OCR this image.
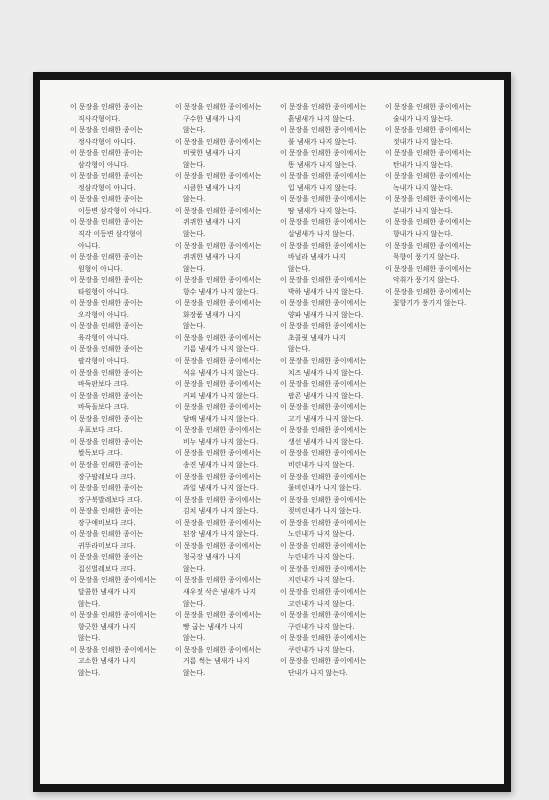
이 문장을 인쇄한 종이는
직사각형이다.
이 문장을 인쇄한 종이는
정사각형이 아니다.
이 문장을 인쇄한 종이는
삼각형이 아니다.
이 문장을 인쇄한 종이는
정삼각형이 아니다.
이 문장을 인쇄한 종이는
이등변 삼각형이 아니다.
이 문장을 인쇄한 종이는
직각 이등변 삼각형이
아니다.
이 문장을 인쇄한 종이는
원형이 아니다.
이 문장을 인쇄한 종이는
타원형이 아니다.
이 문장을 인쇄한 종이는
오각형이 아니다.
이 문장을 인쇄한 종이는
육각형이 아니다.
이 문장을 인쇄한 종이는
팔각형이 아니다.
이 문장을 인쇄한 종이는
바둑판보다 크다.
이 문장을 인쇄한 종이는
바둑돌보다 크다.
이 문장을 인쇄한 종이는
우표보다 크다.
이 문장을 인쇄한 종이는
쌀독보다 크다.
이 문장을 인쇄한 종이는
장구팔레보다 크다.
이 문장을 인쇄한 종이는
장구북발레보다 크다.
이 문장을 인쇄한 종이는
장구애비보다 크다.
이 문장을 인쇄한 종이는
귀뚜라미보다 크다.
이 문장을 인쇄한 종이는
집신벌레보다 크다.
이 문장을 인쇄한 종이에서는
달콤한 냄새가 나지
않는다.
이 문장을 인쇄한 종이에서는
향긋한 냄새가 나지
않는다.
이 문장을 인쇄한 종이에서는
고소한 냄새가 나지
않는다.
이 문장을 인쇄한 종이에서는
구수한 냄새가 나지
않는다.
이 문장을 인쇄한 종이에서는
비릿한 냄새가 나지
않는다.
이 문장을 인쇄한 종이에서는
시큼한 냄새가 나지
않는다.
이 문장을 인쇄한 종이에서는
퀴퀴한 냄새가 나지
않는다.
이 문장을 인쇄한 종이에서는
퀴퀴한 냄새가 나지
않는다.
이 문장을 인쇄한 종이에서는
향수 냄새가 나지 않는다.
이 문장을 인쇄한 종이에서는
화장품 냄새가 나지
않는다.
이 문장을 인쇄한 종이에서는
기름 냄새가 나지 않는다.
이 문장을 인쇄한 종이에서는
석유 냄새가 나지 않는다.
이 문장을 인쇄한 종이에서는
커피 냄새가 나지 않는다.
이 문장을 인쇄한 종이에서는
담배 냄새가 나지 않는다.
이 문장을 인쇄한 종이에서는
비누 냄새가 나지 않는다.
이 문장을 인쇄한 종이에서는
송진 냄새가 나지 않는다.
이 문장을 인쇄한 종이에서는
과일 냄새가 나지 않는다.
이 문장을 인쇄한 종이에서는
김치 냄새가 나지 않는다.
이 문장을 인쇄한 종이에서는
된장 냄새가 나지 않는다.
이 문장을 인쇄한 종이에서는
청국장 냄새가 나지
않는다.
이 문장을 인쇄한 종이에서는
새우젓 삭은 냄새가 나지
않는다.
이 문장을 인쇄한 종이에서는
빵 굽는 냄새가 나지
않는다.
이 문장을 인쇄한 종이에서는
거름 썩는 냄새가 나지
않는다.
이 문장을 인쇄한 종이에서는
흙냄새가 나지 않는다.
이 문장을 인쇄한 종이에서는
풀 냄새가 나지 않는다.
이 문장을 인쇄한 종이에서는
똥 냄새가 나지 않는다.
이 문장을 인쇄한 종이에서는
입 냄새가 나지 않는다.
이 문장을 인쇄한 종이에서는
땀 냄새가 나지 않는다.
이 문장을 인쇄한 종이에서는
살냄새가 나지 않는다.
이 문장을 인쇄한 종이에서는
바닐라 냄새가 나지
않는다.
이 문장을 인쇄한 종이에서는
박하 냄새가 나지 않는다.
이 문장을 인쇄한 종이에서는
양파 냄새가 나지 않는다.
이 문장을 인쇄한 종이에서는
초콜릿 냄새가 나지
않는다.
이 문장을 인쇄한 종이에서는
치즈 냄새가 나지 않는다.
이 문장을 인쇄한 종이에서는
팝콘 냄새가 나지 않는다.
이 문장을 인쇄한 종이에서는
고기 냄새가 나지 않는다.
이 문장을 인쇄한 종이에서는
생선 냄새가 나지 않는다.
이 문장을 인쇄한 종이에서는
비린내가 나지 않는다.
이 문장을 인쇄한 종이에서는
물비린내가 나지 않는다.
이 문장을 인쇄한 종이에서는
젖비린내가 나지 않는다.
이 문장을 인쇄한 종이에서는
노린내가 나지 않는다.
이 문장을 인쇄한 종이에서는
누린내가 나지 않는다.
이 문장을 인쇄한 종이에서는
지린내가 나지 않는다.
이 문장을 인쇄한 종이에서는
고린내가 나지 않는다.
이 문장을 인쇄한 종이에서는
구린내가 나지 않는다.
이 문장을 인쇄한 종이에서는
쿠린내가 나지 않는다.
이 문장을 인쇄한 종이에서는
단내가 나지 않는다.
이 문장을 인쇄한 종이에서는
술내가 나지 않는다.
이 문장을 인쇄한 종이에서는
젓내가 나지 않는다.
이 문장을 인쇄한 종이에서는
탄내가 나지 않는다.
이 문장을 인쇄한 종이에서는
녹내가 나지 않는다.
이 문장을 인쇄한 종이에서는
분내가 나지 않는다.
이 문장을 인쇄한 종이에서는
향내가 나지 않는다.
이 문장을 인쇄한 종이에서는
묵향이 풍기지 않는다.
이 문장을 인쇄한 종이에서는
악취가 풍기지 않는다.
이 문장을 인쇄한 종이에서는
꽃향기가 풍기지 않는다.
